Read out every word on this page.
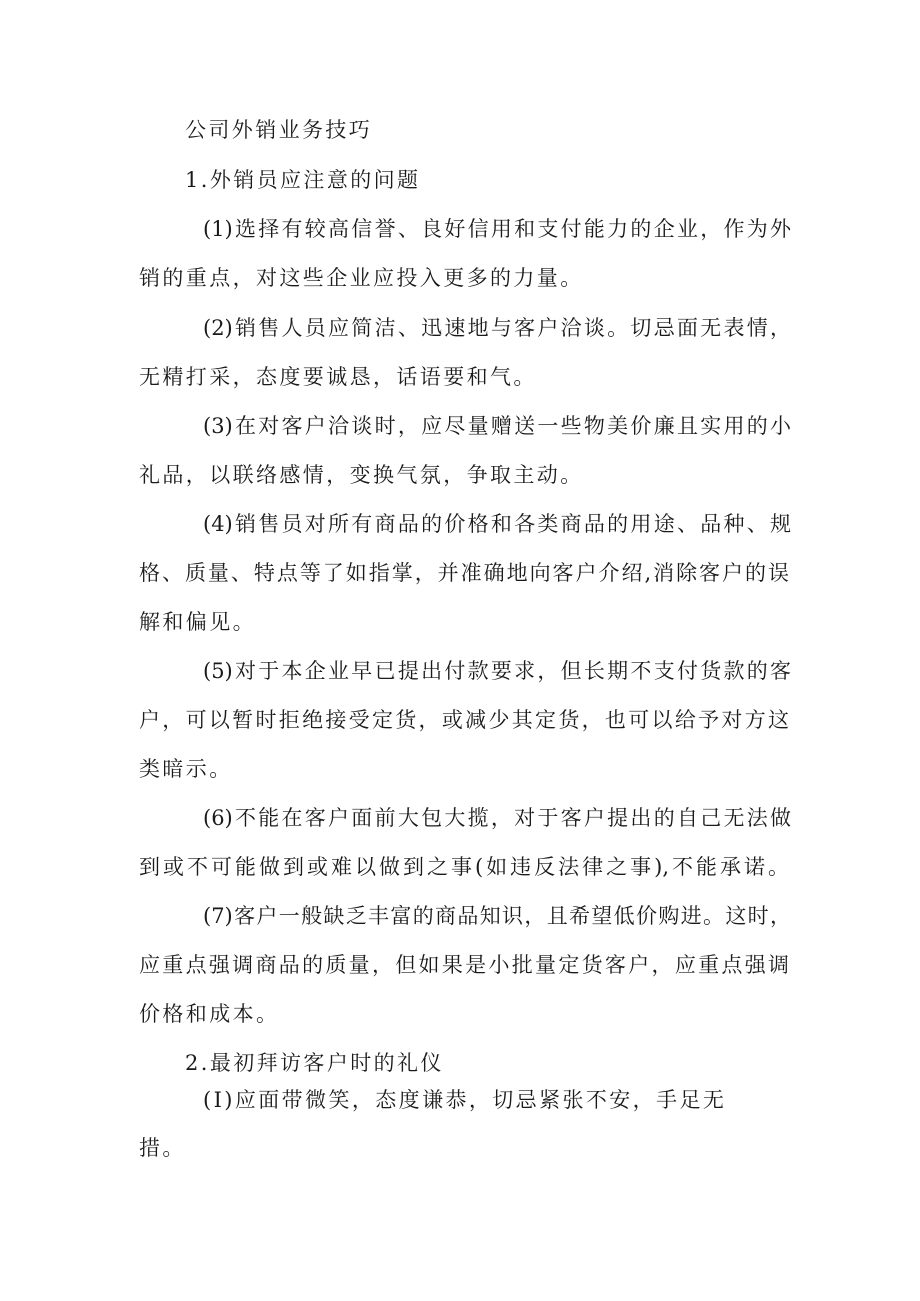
公司外销业务技巧
1.外销员应注意的问题
(1)选择有较高信誉、良好信用和支付能力的企业，作为外
销的重点，对这些企业应投入更多的力量。
(2)销售人员应简洁、迅速地与客户洽谈。切忌面无表情，
无精打采，态度要诚恳，话语要和气。
(3)在对客户洽谈时，应尽量赠送一些物美价廉且实用的小
礼品，以联络感情，变换气氛，争取主动。
(4)销售员对所有商品的价格和各类商品的用途、品种、规
格、质量、特点等了如指掌，并准确地向客户介绍,消除客户的误
解和偏见。
(5)对于本企业早已提出付款要求，但长期不支付货款的客
户，可以暂时拒绝接受定货，或减少其定货，也可以给予对方这
类暗示。
(6)不能在客户面前大包大揽，对于客户提出的自己无法做
到或不可能做到或难以做到之事(如违反法律之事),不能承诺。
(7)客户一般缺乏丰富的商品知识，且希望低价购进。这时，
应重点强调商品的质量，但如果是小批量定货客户，应重点强调
价格和成本。
2.最初拜访客户时的礼仪
(I)应面带微笑，态度谦恭，切忌紧张不安，手足无
措。
